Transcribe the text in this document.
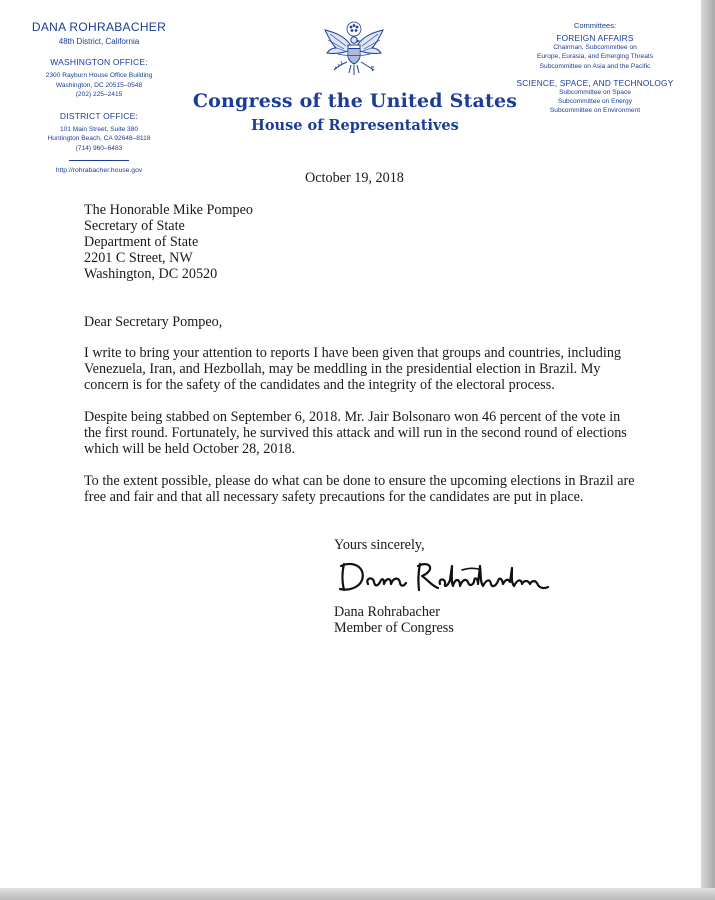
DANA ROHRABACHER
48th District, California
WASHINGTON OFFICE:
2300 Rayburn House Office Building
Washington, DC 20515–0548
(202) 225–2415
DISTRICT OFFICE:
101 Main Street, Suite 380
Huntington Beach, CA 92648–8118
(714) 960–6483
http://rohrabacher.house.gov
Congress of the United States
House of Representatives
Committees:
FOREIGN AFFAIRS
Chairman, Subcommittee on
Europe, Eurasia, and Emerging Threats
Subcommittee on Asia and the Pacific
SCIENCE, SPACE, AND TECHNOLOGY
Subcommittee on Space
Subcommittee on Energy
Subcommittee on Environment
October 19, 2018
The Honorable Mike Pompeo
Secretary of State
Department of State
2201 C Street, NW
Washington, DC 20520
Dear Secretary Pompeo,
I write to bring your attention to reports I have been given that groups and countries, including
Venezuela, Iran, and Hezbollah, may be meddling in the presidential election in Brazil. My
concern is for the safety of the candidates and the integrity of the electoral process.
Despite being stabbed on September 6, 2018. Mr. Jair Bolsonaro won 46 percent of the vote in
the first round. Fortunately, he survived this attack and will run in the second round of elections
which will be held October 28, 2018.
To the extent possible, please do what can be done to ensure the upcoming elections in Brazil are
free and fair and that all necessary safety precautions for the candidates are put in place.
Yours sincerely,
Dana Rohrabacher
Member of Congress
